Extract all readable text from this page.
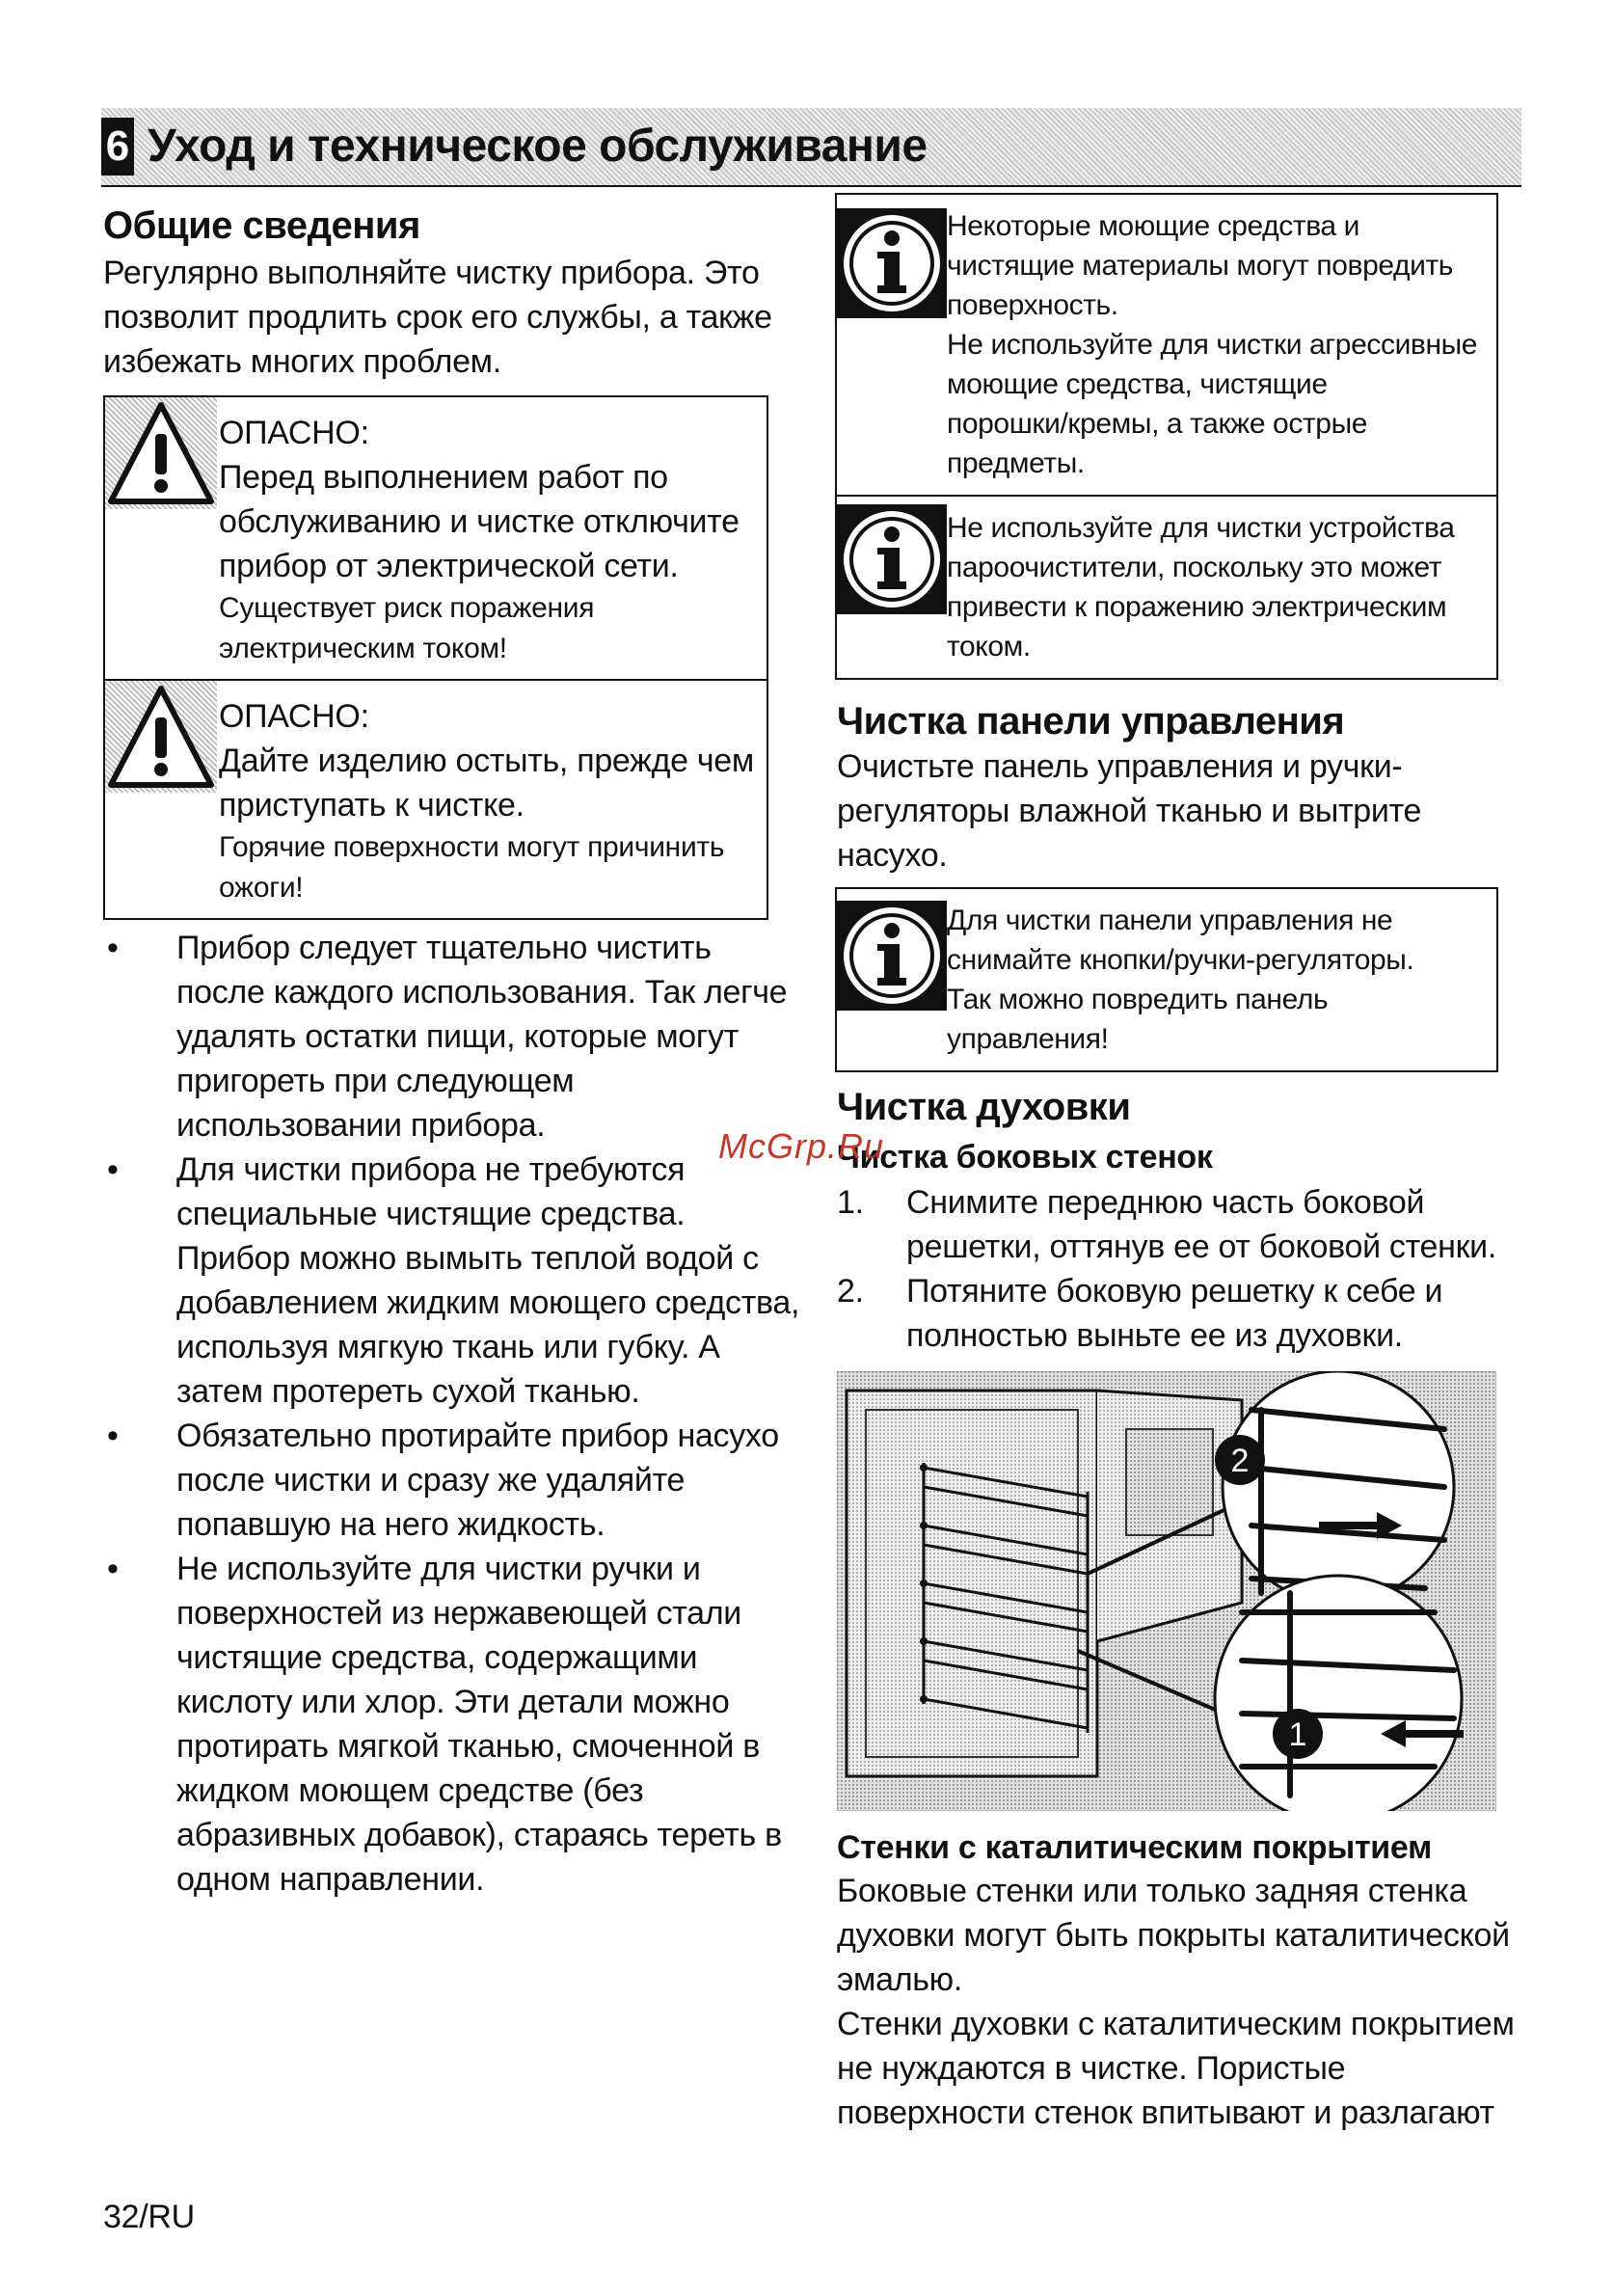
6 Уход и техническое обслуживание
Общие сведения
Регулярно выполняйте чистку прибора. Это
позволит продлить срок его службы, а также
избежать многих проблем.
ОПАСНО:
Перед выполнением работ по
обслуживанию и чистке отключите
прибор от электрической сети.
Существует риск поражения
электрическим током!
ОПАСНО:
Дайте изделию остыть, прежде чем
приступать к чистке.
Горячие поверхности могут причинить
ожоги!
• Прибор следует тщательно чистить
после каждого использования. Так легче
удалять остатки пищи, которые могут
пригореть при следующем
использовании прибора.
• Для чистки прибора не требуются
специальные чистящие средства.
Прибор можно вымыть теплой водой с
добавлением жидким моющего средства,
используя мягкую ткань или губку. А
затем протереть сухой тканью.
• Обязательно протирайте прибор насухо
после чистки и сразу же удаляйте
попавшую на него жидкость.
• Не используйте для чистки ручки и
поверхностей из нержавеющей стали
чистящие средства, содержащими
кислоту или хлор. Эти детали можно
протирать мягкой тканью, смоченной в
жидком моющем средстве (без
абразивных добавок), стараясь тереть в
одном направлении.
Некоторые моющие средства и
чистящие материалы могут повредить
поверхность.
Не используйте для чистки агрессивные
моющие средства, чистящие
порошки/кремы, а также острые
предметы.
Не используйте для чистки устройства
пароочистители, поскольку это может
привести к поражению электрическим
током.
Чистка панели управления
Очистьте панель управления и ручки-
регуляторы влажной тканью и вытрите
насухо.
Для чистки панели управления не
снимайте кнопки/ручки-регуляторы.
Так можно повредить панель
управления!
Чистка духовки
Чистка боковых стенок
1. Снимите переднюю часть боковой
решетки, оттянув ее от боковой стенки.
2. Потяните боковую решетку к себе и
полностью выньте ее из духовки.
2
1
Стенки с каталитическим покрытием
Боковые стенки или только задняя стенка
духовки могут быть покрыты каталитической
эмалью.
Стенки духовки с каталитическим покрытием
не нуждаются в чистке. Пористые
поверхности стенок впитывают и разлагают
McGrp.Ru
32/RU
